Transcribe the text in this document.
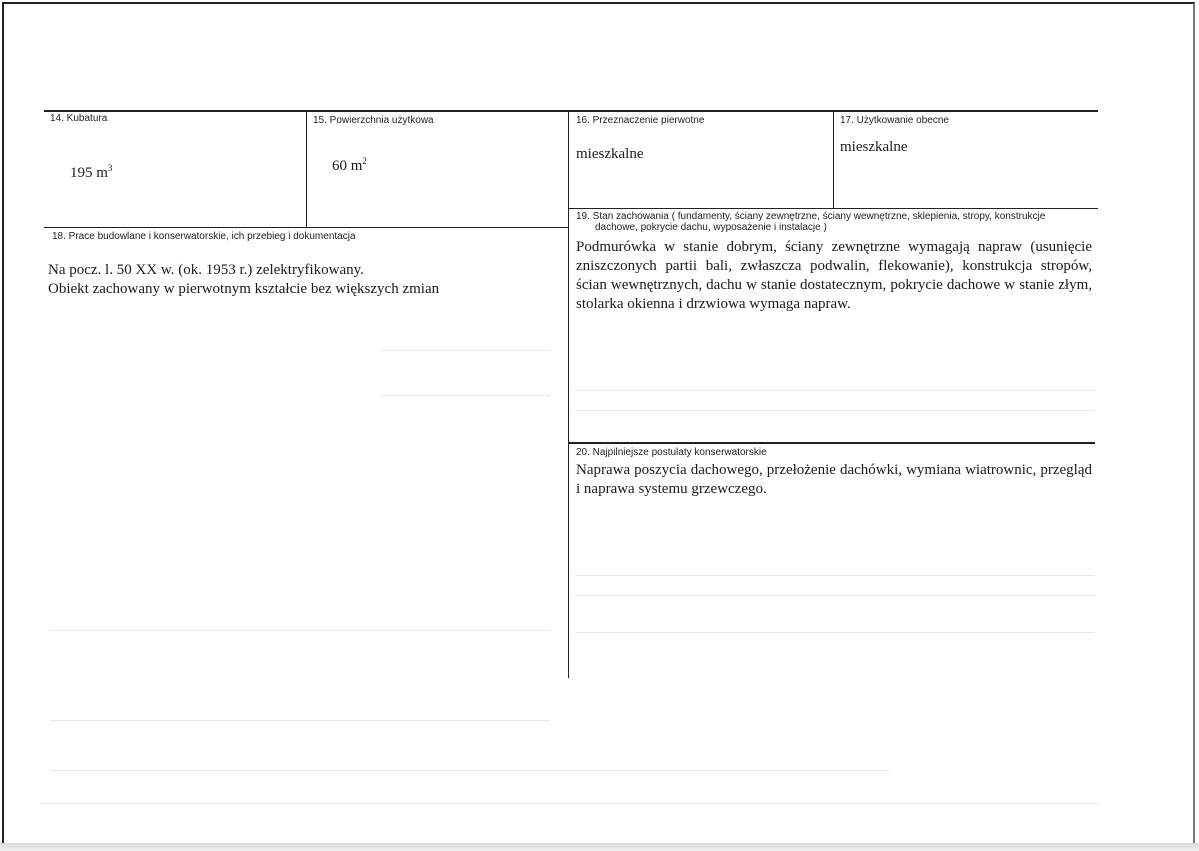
14. Kubatura
195 $m^3$
15. Powierzchnia użytkowa
60 $m^2$
16. Przeznaczenie pierwotne
mieszkalne
17. Użytkowanie obecne
mieszkalne
18. Prace budowlane i konserwatorskie, ich przebieg i dokumentacja

Na pocz. l. 50 XX w. (ok. 1953 r.) zelektryfikowany.

Obiekt zachowany w pierwotnym kształcie bez większych zmian

19. Stan zachowania ( fundamenty, ściany zewnętrzne, ściany wewnętrzne, sklepienia, stropy, konstrukcje
dachowe, pokrycie dachu, wyposażenie i instalacje )

Podmurówka w stanie dobrym, ściany zewnętrzne wymagają napraw (usunięcie zniszczonych partii bali, zwłaszcza podwalin, flekowanie), konstrukcja stropów, ścian wewnętrznych, dachu w stanie dostatecznym, pokrycie dachowe w stanie złym, stolarka okienna i drzwiowa wymaga napraw.

20. Najpilniejsze postulaty konserwatorskie

Naprawa poszycia dachowego, przełożenie dachówki, wymiana wiatrownic, przegląd i naprawa systemu grzewczego.
